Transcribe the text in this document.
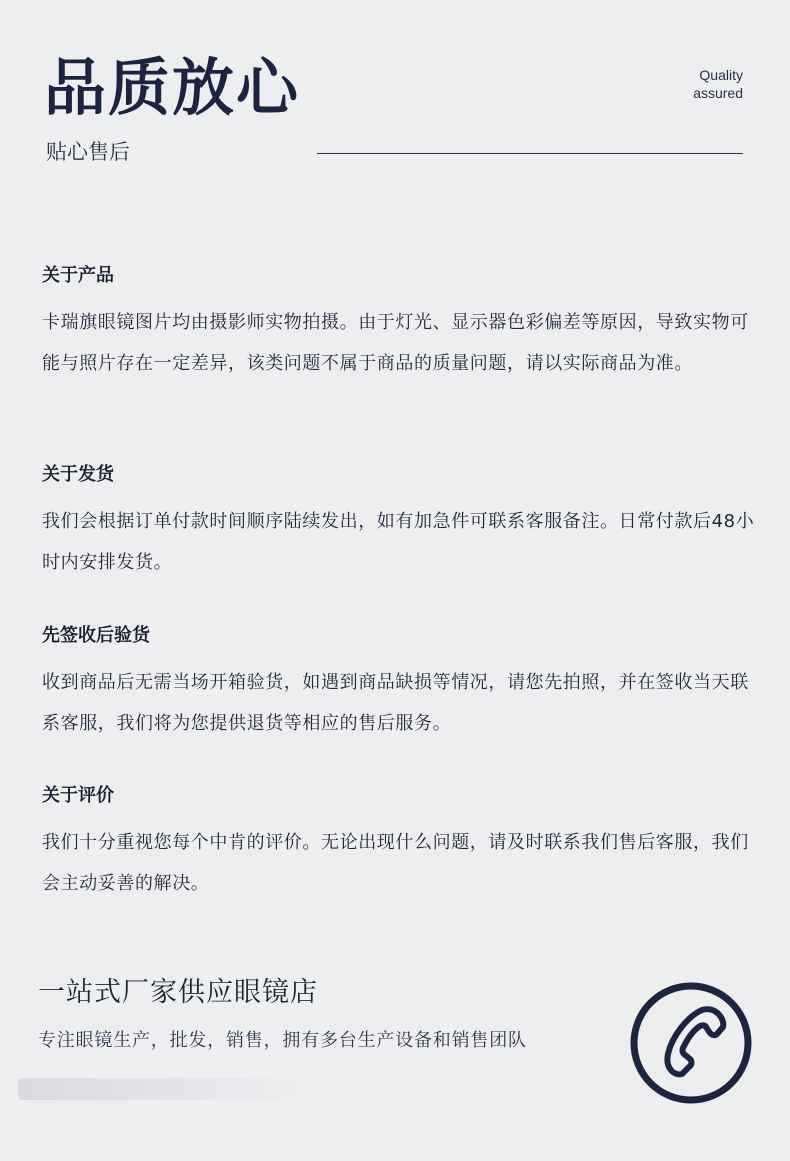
品质放心	Quality
assured
贴心售后
关于产品

卡瑞旗眼镜图片均由摄影师实物拍摄。由于灯光、显示器色彩偏差等原因，导致实物可能与照片存在一定差异，该类问题不属于商品的质量问题，请以实际商品为准。

关于发货

我们会根据订单付款时间顺序陆续发出，如有加急件可联系客服备注。日常付款后48小时内安排发货。

先签收后验货

收到商品后无需当场开箱验货，如遇到商品缺损等情况，请您先拍照，并在签收当天联系客服，我们将为您提供退货等相应的售后服务。

关于评价

我们十分重视您每个中肯的评价。无论出现什么问题，请及时联系我们售后客服，我们会主动妥善的解决。

一站式厂家供应眼镜店
专注眼镜生产，批发，销售，拥有多台生产设备和销售团队
